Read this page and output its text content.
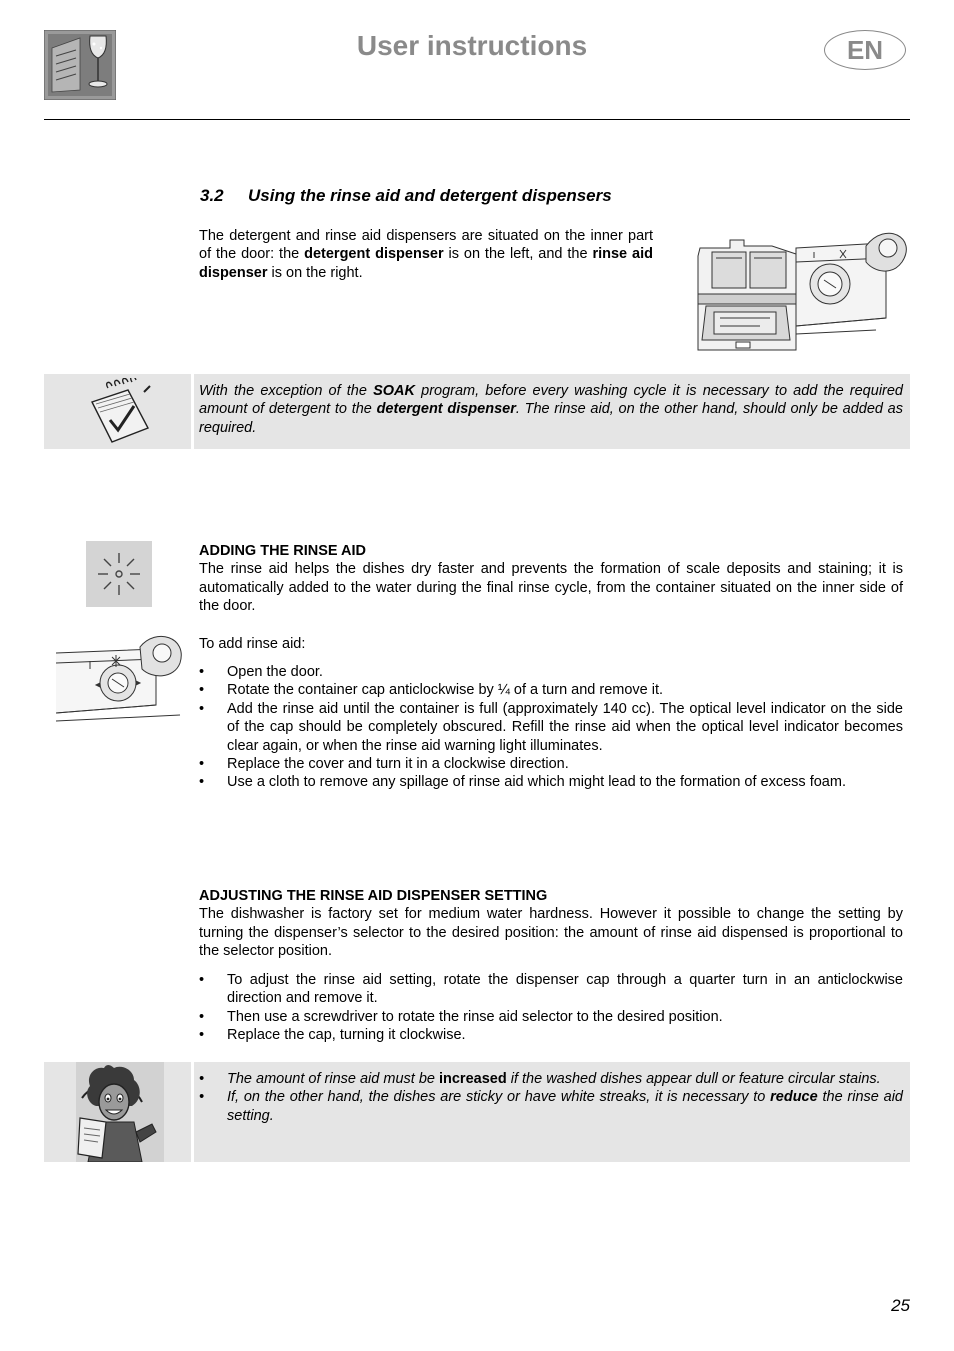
User instructions	EN
3.2 Using the rinse aid and detergent dispensers
The detergent and rinse aid dispensers are situated on the inner part of the door: the detergent dispenser is on the left, and the rinse aid dispenser is on the right.
With the exception of the SOAK program, before every washing cycle it is necessary to add the required amount of detergent to the detergent dispenser. The rinse aid, on the other hand, should only be added as required.
ADDING THE RINSE AID
The rinse aid helps the dishes dry faster and prevents the formation of scale deposits and staining; it is automatically added to the water during the final rinse cycle, from the container situated on the inner side of the door.
To add rinse aid:
• Open the door.
• Rotate the container cap anticlockwise by ¼ of a turn and remove it.
• Add the rinse aid until the container is full (approximately 140 cc). The optical level indicator on the side of the cap should be completely obscured. Refill the rinse aid when the optical level indicator becomes clear again, or when the rinse aid warning light illuminates.
• Replace the cover and turn it in a clockwise direction.
• Use a cloth to remove any spillage of rinse aid which might lead to the formation of excess foam.
ADJUSTING THE RINSE AID DISPENSER SETTING
The dishwasher is factory set for medium water hardness. However it possible to change the setting by turning the dispenser’s selector to the desired position: the amount of rinse aid dispensed is proportional to the selector position.
• To adjust the rinse aid setting, rotate the dispenser cap through a quarter turn in an anticlockwise direction and remove it.
• Then use a screwdriver to rotate the rinse aid selector to the desired position.
• Replace the cap, turning it clockwise.
• The amount of rinse aid must be increased if the washed dishes appear dull or feature circular stains.
• If, on the other hand, the dishes are sticky or have white streaks, it is necessary to reduce the rinse aid setting.
25
